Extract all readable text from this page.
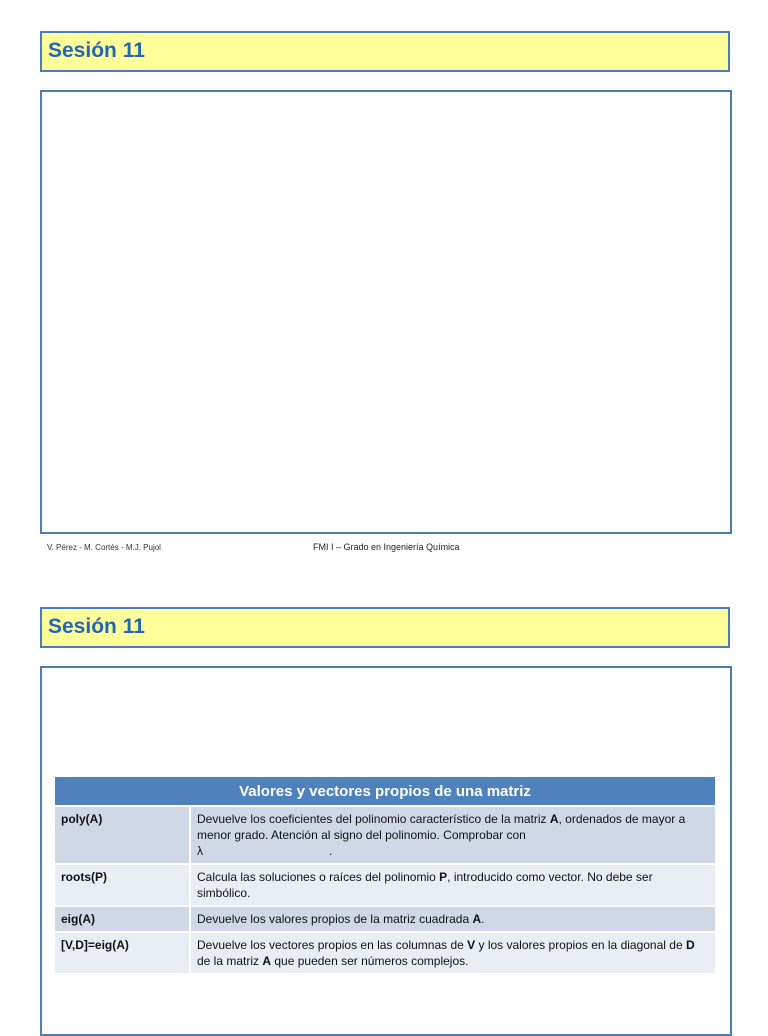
Sesión 11
V. Pérez - M. Cortés - M.J. Pujol	FMI I – Grado en Ingeniería Química
Sesión 11
Valores y vectores propios de una matriz	
poly(A)	Devuelve los coeficientes del polinomio característico de la matriz A, ordenados de mayor a menor grado. Atención al signo del polinomio. Comprobar con
λ .
roots(P)	Calcula las soluciones o raíces del polinomio P, introducido como vector. No debe ser simbólico.
eig(A)	Devuelve los valores propios de la matriz cuadrada A.
[V,D]=eig(A)	Devuelve los vectores propios en las columnas de V y los valores propios en la diagonal de D de la matriz A que pueden ser números complejos.
